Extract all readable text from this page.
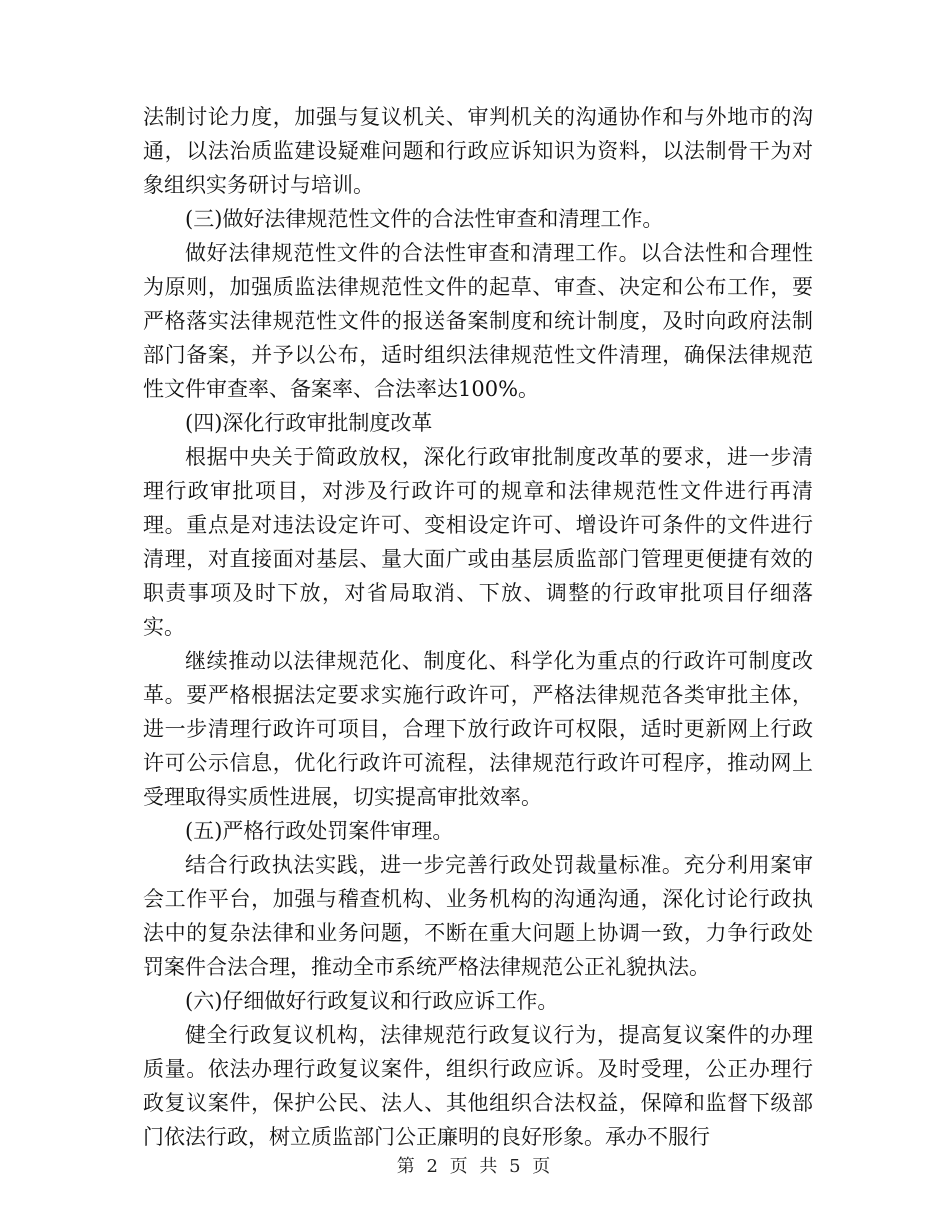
法制讨论力度，加强与复议机关、审判机关的沟通协作和与外地市的沟通，以法治质监建设疑难问题和行政应诉知识为资料，以法制骨干为对象组织实务研讨与培训。

(三)做好法律规范性文件的合法性审查和清理工作。

做好法律规范性文件的合法性审查和清理工作。以合法性和合理性为原则，加强质监法律规范性文件的起草、审查、决定和公布工作，要严格落实法律规范性文件的报送备案制度和统计制度，及时向政府法制部门备案，并予以公布，适时组织法律规范性文件清理，确保法律规范性文件审查率、备案率、合法率达100%。

(四)深化行政审批制度改革

根据中央关于简政放权，深化行政审批制度改革的要求，进一步清理行政审批项目，对涉及行政许可的规章和法律规范性文件进行再清理。重点是对违法设定许可、变相设定许可、增设许可条件的文件进行清理，对直接面对基层、量大面广或由基层质监部门管理更便捷有效的职责事项及时下放，对省局取消、下放、调整的行政审批项目仔细落实。

继续推动以法律规范化、制度化、科学化为重点的行政许可制度改革。要严格根据法定要求实施行政许可，严格法律规范各类审批主体，进一步清理行政许可项目，合理下放行政许可权限，适时更新网上行政许可公示信息，优化行政许可流程，法律规范行政许可程序，推动网上受理取得实质性进展，切实提高审批效率。

(五)严格行政处罚案件审理。

结合行政执法实践，进一步完善行政处罚裁量标准。充分利用案审会工作平台，加强与稽查机构、业务机构的沟通沟通，深化讨论行政执法中的复杂法律和业务问题，不断在重大问题上协调一致，力争行政处罚案件合法合理，推动全市系统严格法律规范公正礼貌执法。

(六)仔细做好行政复议和行政应诉工作。

健全行政复议机构，法律规范行政复议行为，提高复议案件的办理质量。依法办理行政复议案件，组织行政应诉。及时受理，公正办理行政复议案件，保护公民、法人、其他组织合法权益，保障和监督下级部门依法行政，树立质监部门公正廉明的良好形象。承办不服行

第 2 页 共 5 页
